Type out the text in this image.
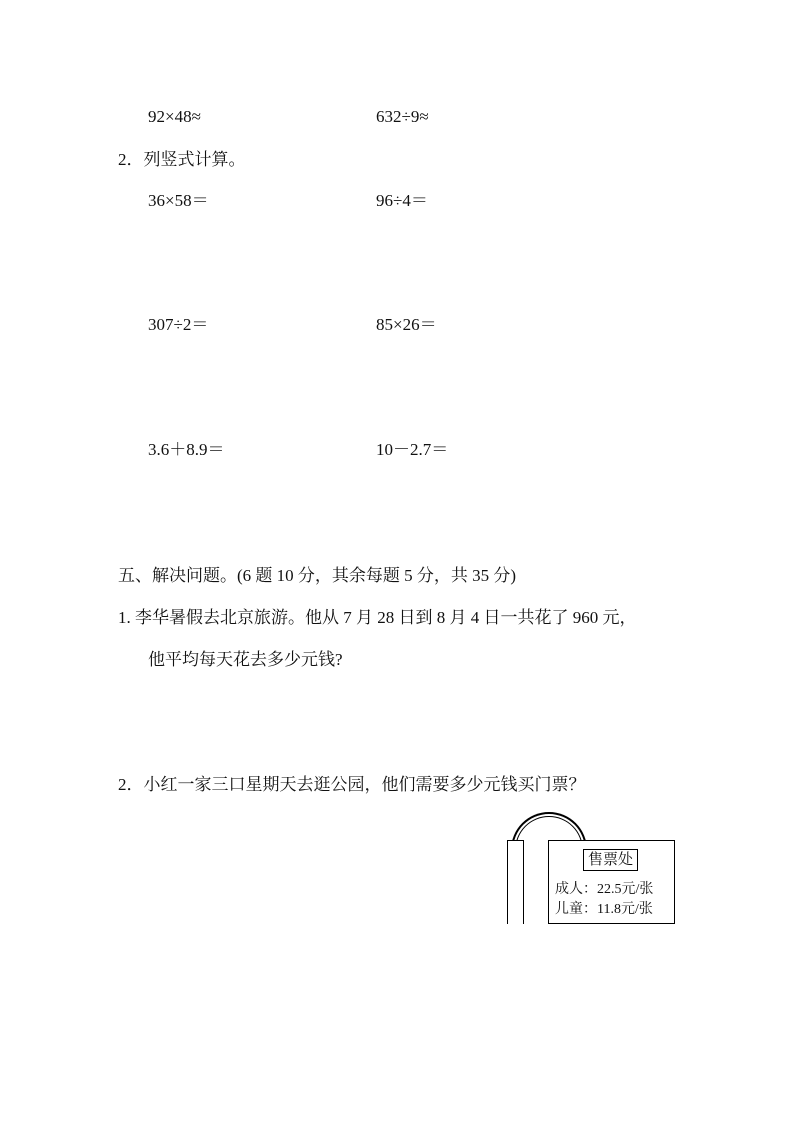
92×48≈	632÷9≈
2．列竖式计算。
36×58＝	96÷4＝
307÷2＝	85×26＝
3.6＋8.9＝	10－2.7＝
五、解决问题。(6 题 10 分，其余每题 5 分，共 35 分)
1. 李华暑假去北京旅游。他从 7 月 28 日到 8 月 4 日一共花了 960 元，
他平均每天花去多少元钱?
2．小红一家三口星期天去逛公园，他们需要多少元钱买门票？
售票处
成人：22.5元/张
儿童：11.8元/张
